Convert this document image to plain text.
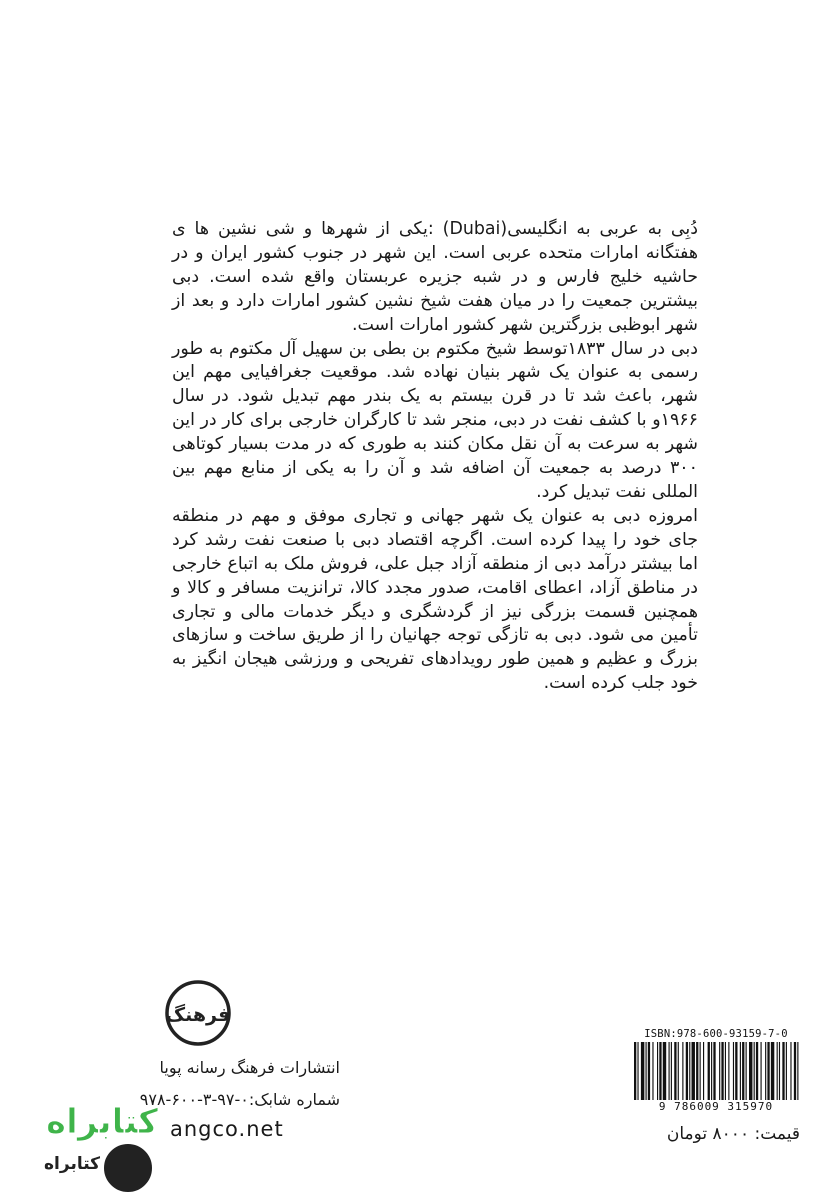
دُبِی به عربی به انگلیسی(Dubai) :یکی از شهرها و شی نشین ها ی هفتگانه امارات متحده عربی است. این شهر در جنوب کشور ایران و در حاشیه خلیج فارس و در شبه جزیره عربستان واقع شده است. دبی بیشترین جمعیت را در میان هفت شیخ نشین کشور امارات دارد و بعد از شهر ابوظبی بزرگترین شهر کشور امارات است.

دبی در سال ۱۸۳۳توسط شیخ مکتوم بن بطی بن سهیل آل مکتوم به طور رسمی به عنوان یک شهر بنیان نهاده شد. موقعیت جغرافیایی مهم این شهر، باعث شد تا در قرن بیستم به یک بندر مهم تبدیل شود. در سال ۱۹۶۶و با کشف نفت در دبی، منجر شد تا کارگران خارجی برای کار در این شهر به سرعت به آن نقل مکان کنند به طوری که در مدت بسیار کوتاهی ۳۰۰ درصد به جمعیت آن اضافه شد و آن را به یکی از منابع مهم بین المللی نفت تبدیل کرد.

امروزه دبی به عنوان یک شهر جهانی و تجاری موفق و مهم در منطقه جای خود را پیدا کرده است. اگرچه اقتصاد دبی با صنعت نفت رشد کرد اما بیشتر درآمد دبی از منطقه آزاد جبل علی، فروش ملک به اتباع خارجی در مناطق آزاد، اعطای اقامت، صدور مجدد کالا، ترانزیت مسافر و کالا و همچنین قسمت بزرگی نیز از گردشگری و دیگر خدمات مالی و تجاری تأمین می شود. دبی به تازگی توجه جهانیان را از طریق ساخت و سازهای بزرگ و عظیم و همین طور رویدادهای تفریحی و ورزشی هیجان انگیز به خود جلب کرده است.

فرهنگ
انتشارات فرهنگ رسانه پویا
شماره شابک:۰-۹۷-۳-۶۰۰-۹۷۸
angco.net
کتابراه
کتابراه
ISBN:978-600-93159-7-0
9 786009 315970
قیمت: ۸۰۰۰ تومان
